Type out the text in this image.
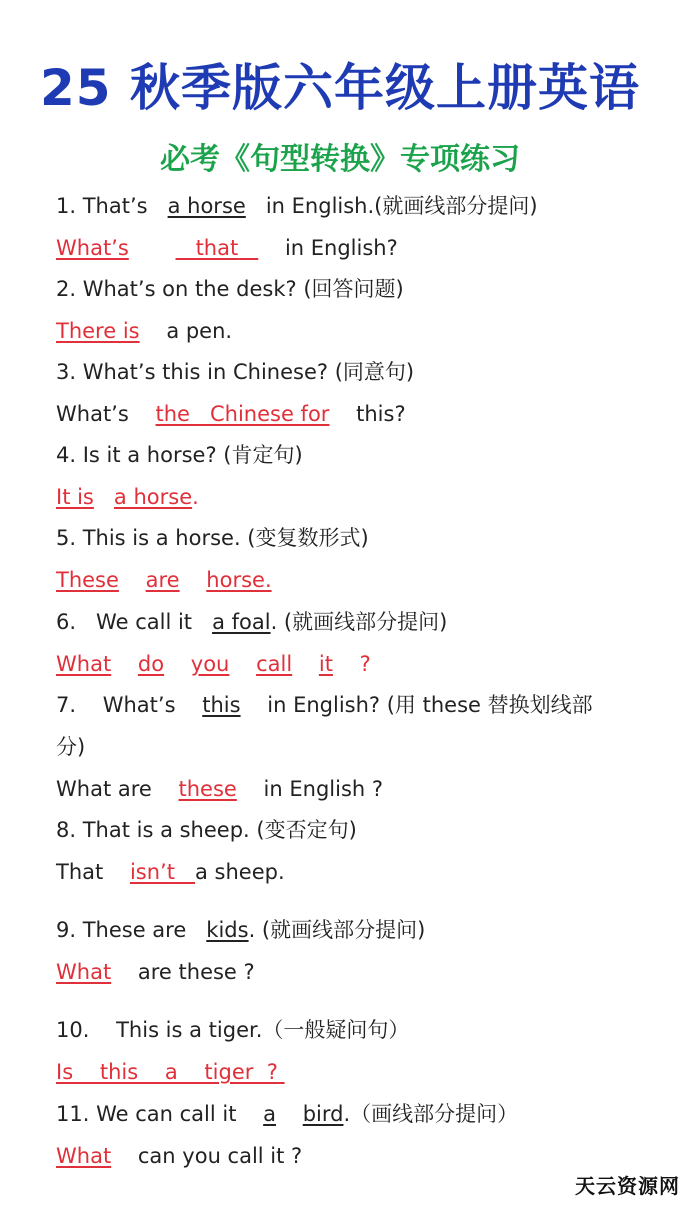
25 秋季版六年级上册英语
必考《句型转换》专项练习
1. That’s a horse in English.(就画线部分提问)
What’s	that in English?
2. What’s on the desk? (回答问题)
There is a pen.
3. What’s this in Chinese? (同意句)
What’s the   Chinese for this?
4. Is it a horse? (肯定句)
It is a horse.
5. This is a horse. (变复数形式)
These are horse.
6.   We call it a foal. (就画线部分提问)
What do you call it ?
7.    What’s this in English? (用 these 替换划线部
分)
What are these in English ?
8. That is a sheep. (变否定句)
That isn’t a sheep.
9. These are kids. (就画线部分提问)
What are these ?
10.    This is a tiger.（一般疑问句）
Is    this    a    tiger  ?
11. We can call it a bird.（画线部分提问）
What can you call it ?
天云资源网
